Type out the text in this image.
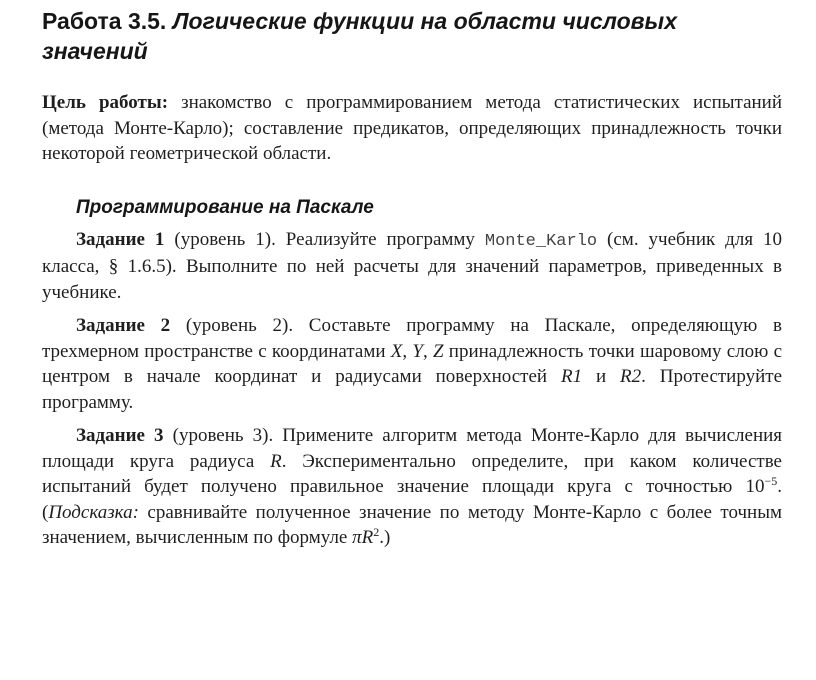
Работа 3.5. Логические функции на области числовых значений

Цель работы: знакомство с программированием метода статистических испытаний (метода Монте-Карло); составление предикатов, определяющих принадлежность точки некоторой геометрической области.

Программирование на Паскале

Задание 1 (уровень 1). Реализуйте программу Monte_Karlo (см. учебник для 10 класса, § 1.6.5). Выполните по ней расчеты для значений параметров, приведенных в учебнике.

Задание 2 (уровень 2). Составьте программу на Паскале, определяющую в трехмерном пространстве с координатами X, Y, Z принадлежность точки шаровому слою с центром в начале координат и радиусами поверхностей R1 и R2. Протестируйте программу.

Задание 3 (уровень 3). Примените алгоритм метода Монте-Карло для вычисления площади круга радиуса R. Экспериментально определите, при каком количестве испытаний будет получено правильное значение площади круга с точностью $10^{-5}$. (Подсказка: сравнивайте полученное значение по методу Монте-Карло с более точным значением, вычисленным по формуле $\pi R^2$.)
